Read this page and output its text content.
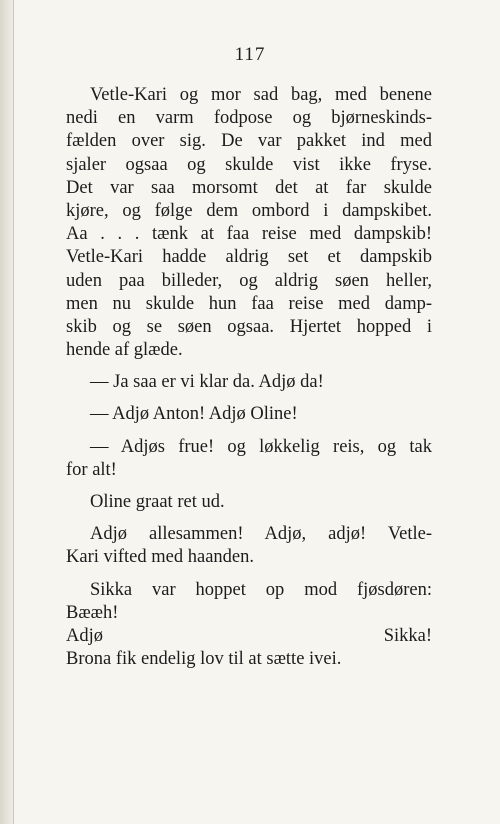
117
Vetle-Kari og mor sad bag, med benene
nedi en varm fodpose og bjørneskinds-
fælden over sig. De var pakket ind med
sjaler ogsaa og skulde vist ikke fryse.
Det var saa morsomt det at far skulde
kjøre, og følge dem ombord i dampskibet.
Aa . . . tænk at faa reise med dampskib!
Vetle-Kari hadde aldrig set et dampskib
uden paa billeder, og aldrig søen heller,
men nu skulde hun faa reise med damp-
skib og se søen ogsaa. Hjertet hopped i
hende af glæde.
— Ja saa er vi klar da. Adjø da!
— Adjø Anton! Adjø Oline!
— Adjøs frue! og løkkelig reis, og tak
for alt!
Oline graat ret ud.
Adjø allesammen! Adjø, adjø! Vetle-
Kari vifted med haanden.
Sikka var hoppet op mod fjøsdøren:
Bææh!
Adjø Sikka!
Brona fik endelig lov til at sætte ivei.
